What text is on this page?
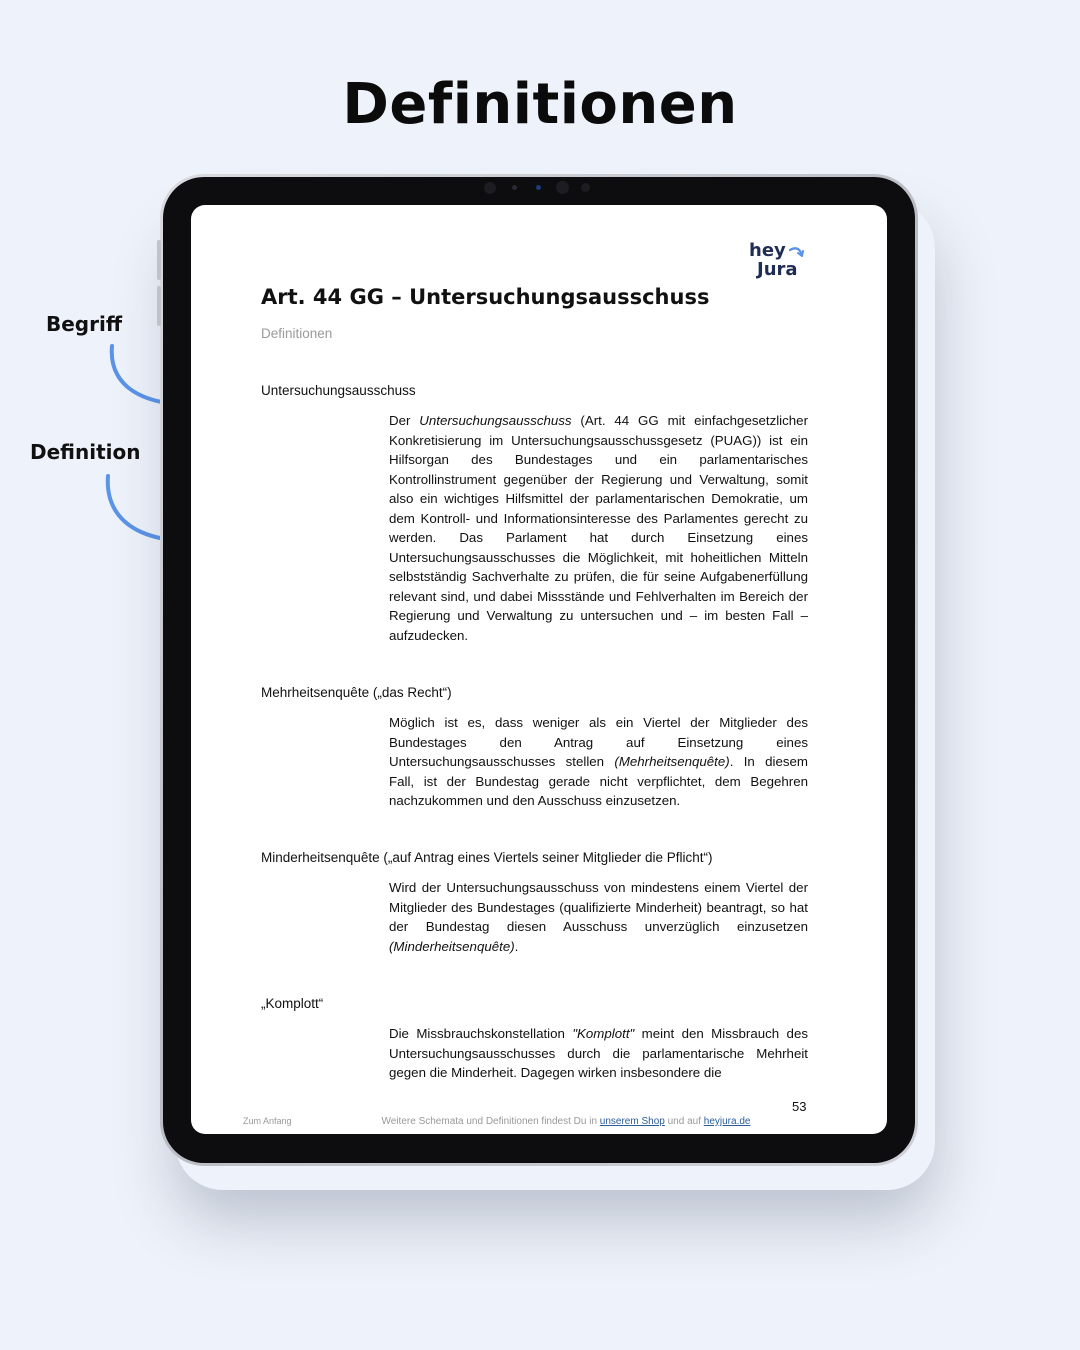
Definitionen
Begriff
Definition
hey
Jura
Art. 44 GG – Untersuchungsausschuss
Definitionen
Untersuchungsausschuss
Der Untersuchungsausschuss (Art. 44 GG mit einfachgesetzlicher Konkretisierung im Untersuchungsausschussgesetz (PUAG)) ist ein Hilfsorgan des Bundestages und ein parlamentarisches Kontrollinstrument gegenüber der Regierung und Verwaltung, somit also ein wichtiges Hilfsmittel der parlamentarischen Demokratie, um dem Kontroll- und Informationsinteresse des Parlamentes gerecht zu werden. Das Parlament hat durch Einsetzung eines Untersuchungsausschusses die Möglichkeit, mit hoheitlichen Mitteln selbstständig Sachverhalte zu prüfen, die für seine Aufgabenerfüllung relevant sind, und dabei Missstände und Fehlverhalten im Bereich der Regierung und Verwaltung zu untersuchen und – im besten Fall – aufzudecken.
Mehrheitsenquête („das Recht“)
Möglich ist es, dass weniger als ein Viertel der Mitglieder des Bundestages den Antrag auf Einsetzung eines Untersuchungsausschusses stellen (Mehrheitsenquête). In diesem Fall, ist der Bundestag gerade nicht verpflichtet, dem Begehren nachzukommen und den Ausschuss einzusetzen.
Minderheitsenquête („auf Antrag eines Viertels seiner Mitglieder die Pflicht“)
Wird der Untersuchungsausschuss von mindestens einem Viertel der Mitglieder des Bundestages (qualifizierte Minderheit) beantragt, so hat der Bundestag diesen Ausschuss unverzüglich einzusetzen (Minderheitsenquête).
„Komplott“
Die Missbrauchskonstellation "Komplott" meint den Missbrauch des Untersuchungsausschusses durch die parlamentarische Mehrheit gegen die Minderheit. Dagegen wirken insbesondere die
53
Zum Anfang	Weitere Schemata und Definitionen findest Du in unserem Shop und auf heyjura.de
